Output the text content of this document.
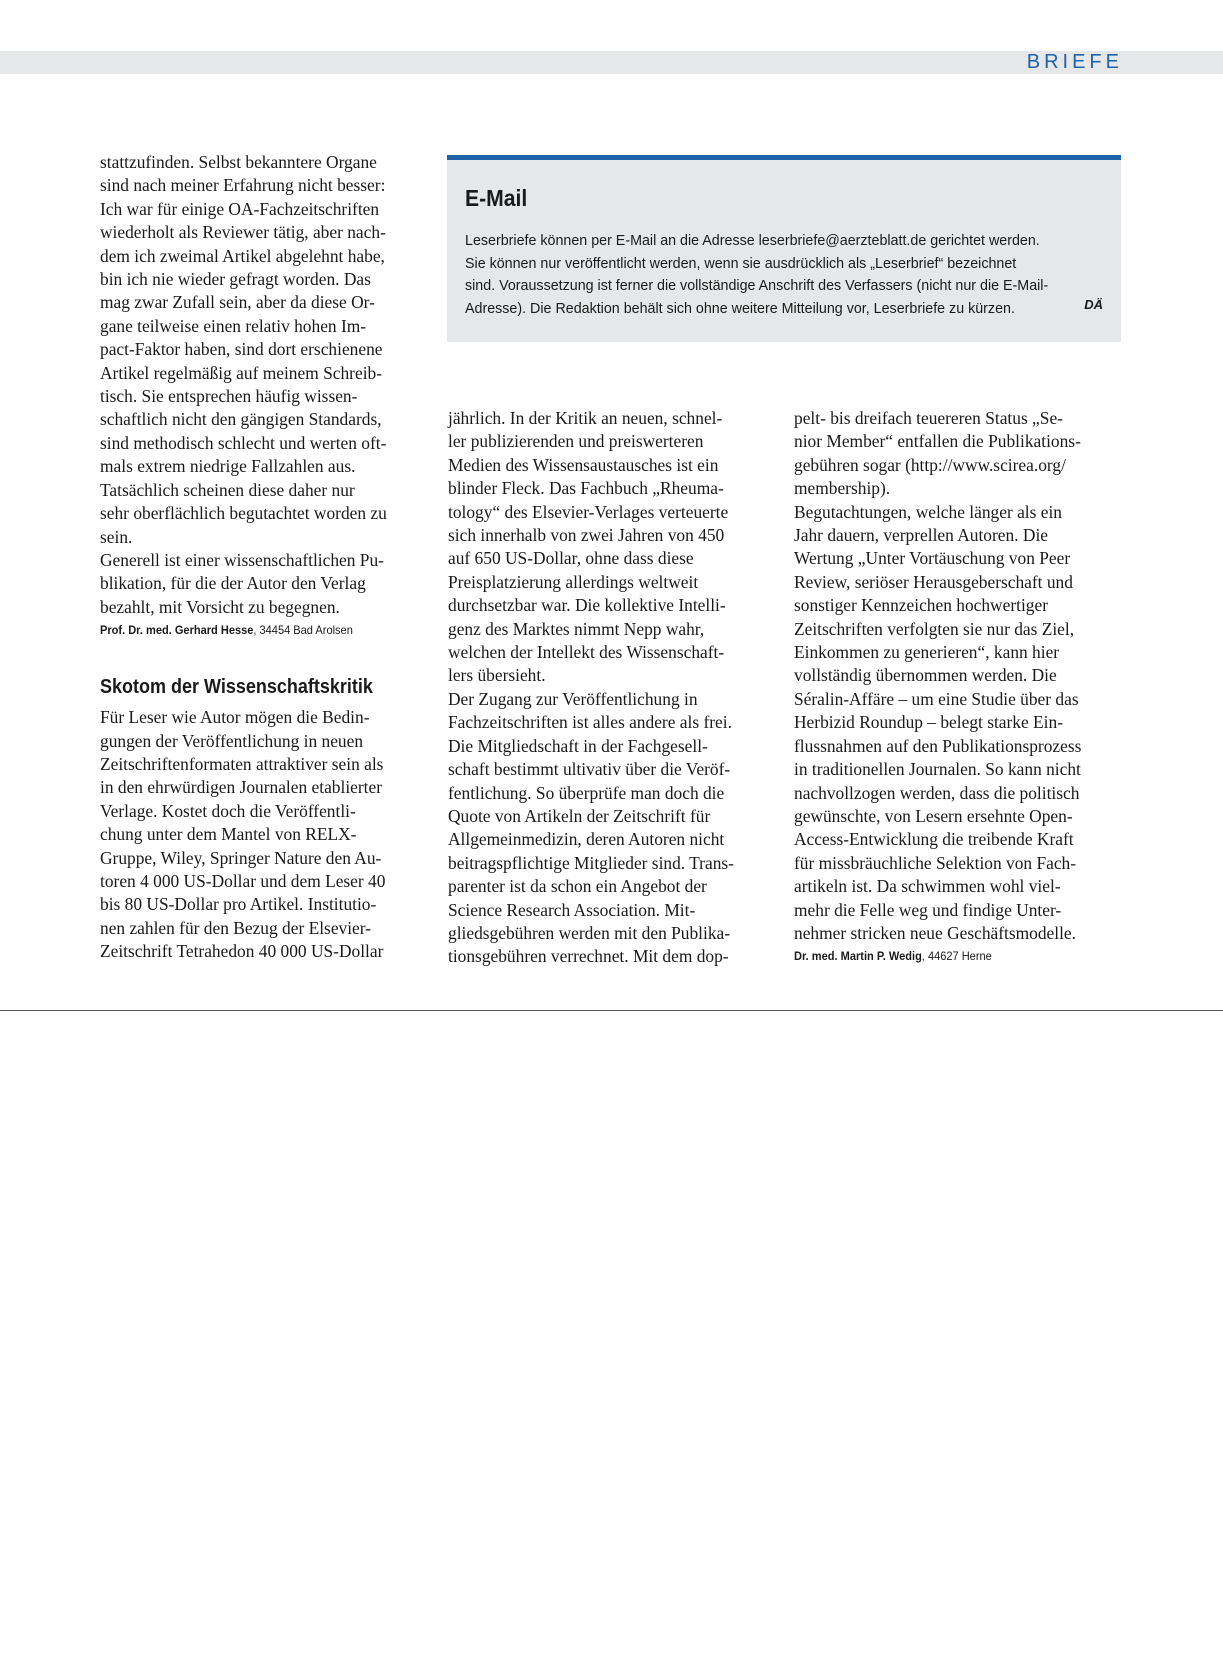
BRIEFE
E-Mail

Leserbriefe können per E-Mail an die Adresse leserbriefe@aerzteblatt.de gerichtet werden.

Sie können nur veröffentlicht werden, wenn sie ausdrücklich als „Leserbrief“ bezeichnet

sind. Voraussetzung ist ferner die vollständige Anschrift des Verfassers (nicht nur die E-Mail-

Adresse). Die Redaktion behält sich ohne weitere Mitteilung vor, Leserbriefe zu kürzen.	DÄ

stattzufinden. Selbst bekanntere Organe

sind nach meiner Erfahrung nicht besser:

Ich war für einige OA-Fachzeitschriften

wiederholt als Reviewer tätig, aber nach-

dem ich zweimal Artikel abgelehnt habe,

bin ich nie wieder gefragt worden. Das

mag zwar Zufall sein, aber da diese Or-

gane teilweise einen relativ hohen Im-

pact-Faktor haben, sind dort erschienene

Artikel regelmäßig auf meinem Schreib-

tisch. Sie entsprechen häufig wissen-

schaftlich nicht den gängigen Standards,

sind methodisch schlecht und werten oft-

mals extrem niedrige Fallzahlen aus.

Tatsächlich scheinen diese daher nur

sehr oberflächlich begutachtet worden zu

sein.

Generell ist einer wissenschaftlichen Pu-

blikation, für die der Autor den Verlag

bezahlt, mit Vorsicht zu begegnen.

Prof. Dr. med. Gerhard Hesse, 34454 Bad Arolsen
Skotom der Wissenschaftskritik

Für Leser wie Autor mögen die Bedin-

gungen der Veröffentlichung in neuen

Zeitschriftenformaten attraktiver sein als

in den ehrwürdigen Journalen etablierter

Verlage. Kostet doch die Veröffentli-

chung unter dem Mantel von RELX-

Gruppe, Wiley, Springer Nature den Au-

toren 4 000 US-Dollar und dem Leser 40

bis 80 US-Dollar pro Artikel. Institutio-

nen zahlen für den Bezug der Elsevier-

Zeitschrift Tetrahedon 40 000 US-Dollar

jährlich. In der Kritik an neuen, schnel-

ler publizierenden und preiswerteren

Medien des Wissensaustausches ist ein

blinder Fleck. Das Fachbuch „Rheuma-

tology“ des Elsevier-Verlages verteuerte

sich innerhalb von zwei Jahren von 450

auf 650 US-Dollar, ohne dass diese

Preisplatzierung allerdings weltweit

durchsetzbar war. Die kollektive Intelli-

genz des Marktes nimmt Nepp wahr,

welchen der Intellekt des Wissenschaft-

lers übersieht.

Der Zugang zur Veröffentlichung in

Fachzeitschriften ist alles andere als frei.

Die Mitgliedschaft in der Fachgesell-

schaft bestimmt ultivativ über die Veröf-

fentlichung. So überprüfe man doch die

Quote von Artikeln der Zeitschrift für

Allgemeinmedizin, deren Autoren nicht

beitragspflichtige Mitglieder sind. Trans-

parenter ist da schon ein Angebot der

Science Research Association. Mit-

gliedsgebühren werden mit den Publika-

tionsgebühren verrechnet. Mit dem dop-

pelt- bis dreifach teuereren Status „Se-

nior Member“ entfallen die Publikations-

gebühren sogar (http://www.scirea.org/

membership).

Begutachtungen, welche länger als ein

Jahr dauern, verprellen Autoren. Die

Wertung „Unter Vortäuschung von Peer

Review, seriöser Herausgeberschaft und

sonstiger Kennzeichen hochwertiger

Zeitschriften verfolgten sie nur das Ziel,

Einkommen zu generieren“, kann hier

vollständig übernommen werden. Die

Séralin-Affäre – um eine Studie über das

Herbizid Roundup – belegt starke Ein-

flussnahmen auf den Publikationsprozess

in traditionellen Journalen. So kann nicht

nachvollzogen werden, dass die politisch

gewünschte, von Lesern ersehnte Open-

Access-Entwicklung die treibende Kraft

für missbräuchliche Selektion von Fach-

artikeln ist. Da schwimmen wohl viel-

mehr die Felle weg und findige Unter-

nehmer stricken neue Geschäftsmodelle.

Dr. med. Martin P. Wedig, 44627 Herne
